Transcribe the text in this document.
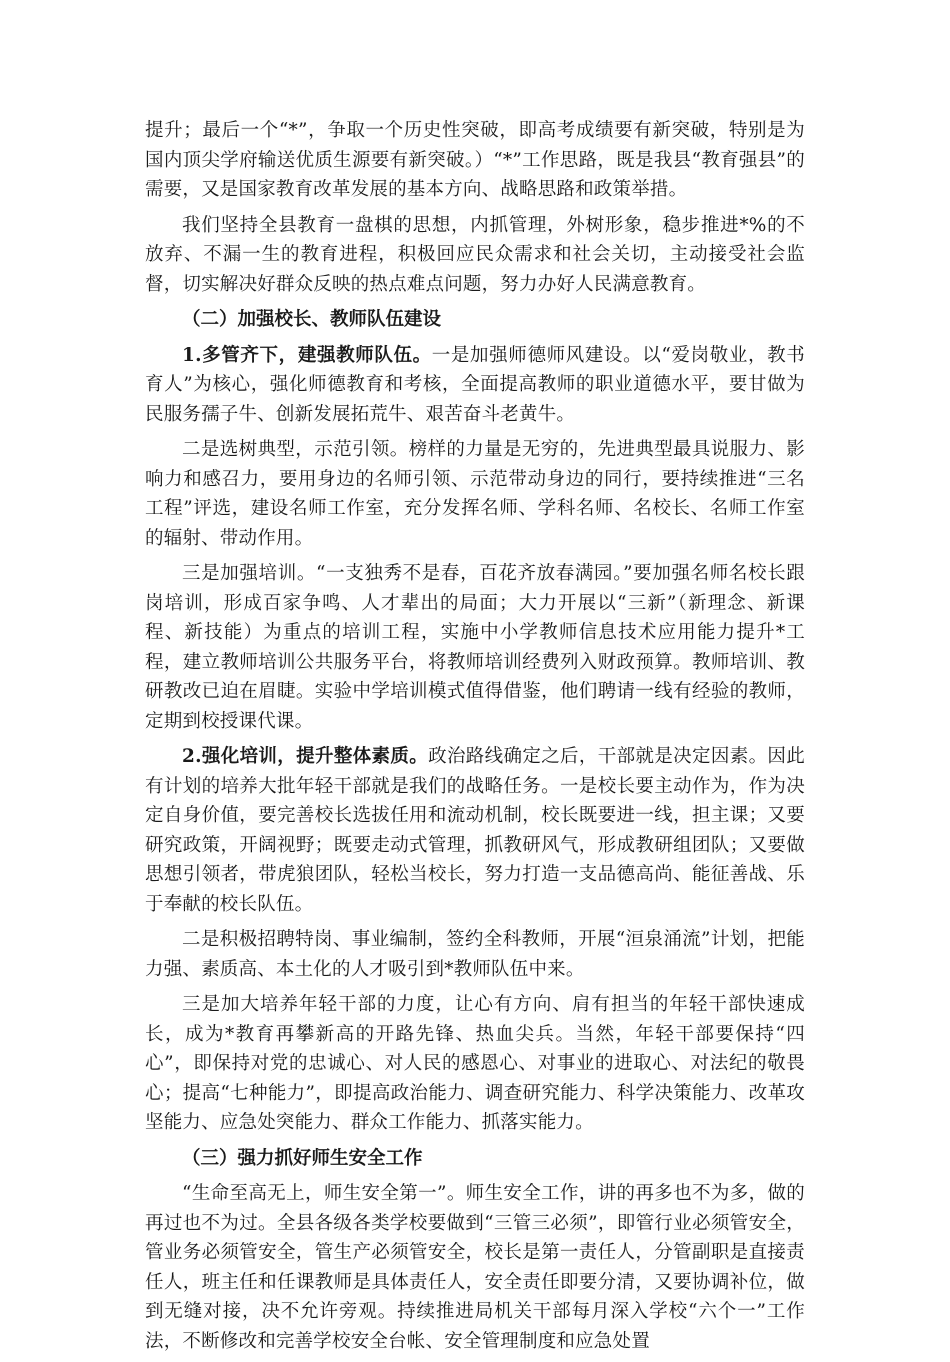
提升；最后一个“*”，争取一个历史性突破，即高考成绩要有新突破，特别是为国内顶尖学府输送优质生源要有新突破。）“*”工作思路，既是我县“教育强县”的需要，又是国家教育改革发展的基本方向、战略思路和政策举措。

我们坚持全县教育一盘棋的思想，内抓管理，外树形象，稳步推进*%的不放弃、不漏一生的教育进程，积极回应民众需求和社会关切，主动接受社会监督，切实解决好群众反映的热点难点问题，努力办好人民满意教育。

（二）加强校长、教师队伍建设

1.多管齐下，建强教师队伍。一是加强师德师风建设。以“爱岗敬业，教书育人”为核心，强化师德教育和考核，全面提高教师的职业道德水平，要甘做为民服务孺子牛、创新发展拓荒牛、艰苦奋斗老黄牛。

二是选树典型，示范引领。榜样的力量是无穷的，先进典型最具说服力、影响力和感召力，要用身边的名师引领、示范带动身边的同行，要持续推进“三名工程”评选，建设名师工作室，充分发挥名师、学科名师、名校长、名师工作室的辐射、带动作用。

三是加强培训。“一支独秀不是春，百花齐放春满园。”要加强名师名校长跟岗培训，形成百家争鸣、人才辈出的局面；大力开展以“三新”（新理念、新课程、新技能）为重点的培训工程，实施中小学教师信息技术应用能力提升*工程，建立教师培训公共服务平台，将教师培训经费列入财政预算。教师培训、教研教改已迫在眉睫。实验中学培训模式值得借鉴，他们聘请一线有经验的教师，定期到校授课代课。

2.强化培训，提升整体素质。政治路线确定之后，干部就是决定因素。因此有计划的培养大批年轻干部就是我们的战略任务。一是校长要主动作为，作为决定自身价值，要完善校长选拔任用和流动机制，校长既要进一线，担主课；又要研究政策，开阔视野；既要走动式管理，抓教研风气，形成教研组团队；又要做思想引领者，带虎狼团队，轻松当校长，努力打造一支品德高尚、能征善战、乐于奉献的校长队伍。

二是积极招聘特岗、事业编制，签约全科教师，开展“洹泉涌流”计划，把能力强、素质高、本土化的人才吸引到*教师队伍中来。

三是加大培养年轻干部的力度，让心有方向、肩有担当的年轻干部快速成长，成为*教育再攀新高的开路先锋、热血尖兵。当然，年轻干部要保持“四心”，即保持对党的忠诚心、对人民的感恩心、对事业的进取心、对法纪的敬畏心；提高“七种能力”，即提高政治能力、调查研究能力、科学决策能力、改革攻坚能力、应急处突能力、群众工作能力、抓落实能力。

（三）强力抓好师生安全工作

“生命至高无上，师生安全第一”。师生安全工作，讲的再多也不为多，做的再过也不为过。全县各级各类学校要做到“三管三必须”，即管行业必须管安全，管业务必须管安全，管生产必须管安全，校长是第一责任人，分管副职是直接责任人，班主任和任课教师是具体责任人，安全责任即要分清，又要协调补位，做到无缝对接，决不允许旁观。持续推进局机关干部每月深入学校“六个一”工作法，不断修改和完善学校安全台帐、安全管理制度和应急处置
